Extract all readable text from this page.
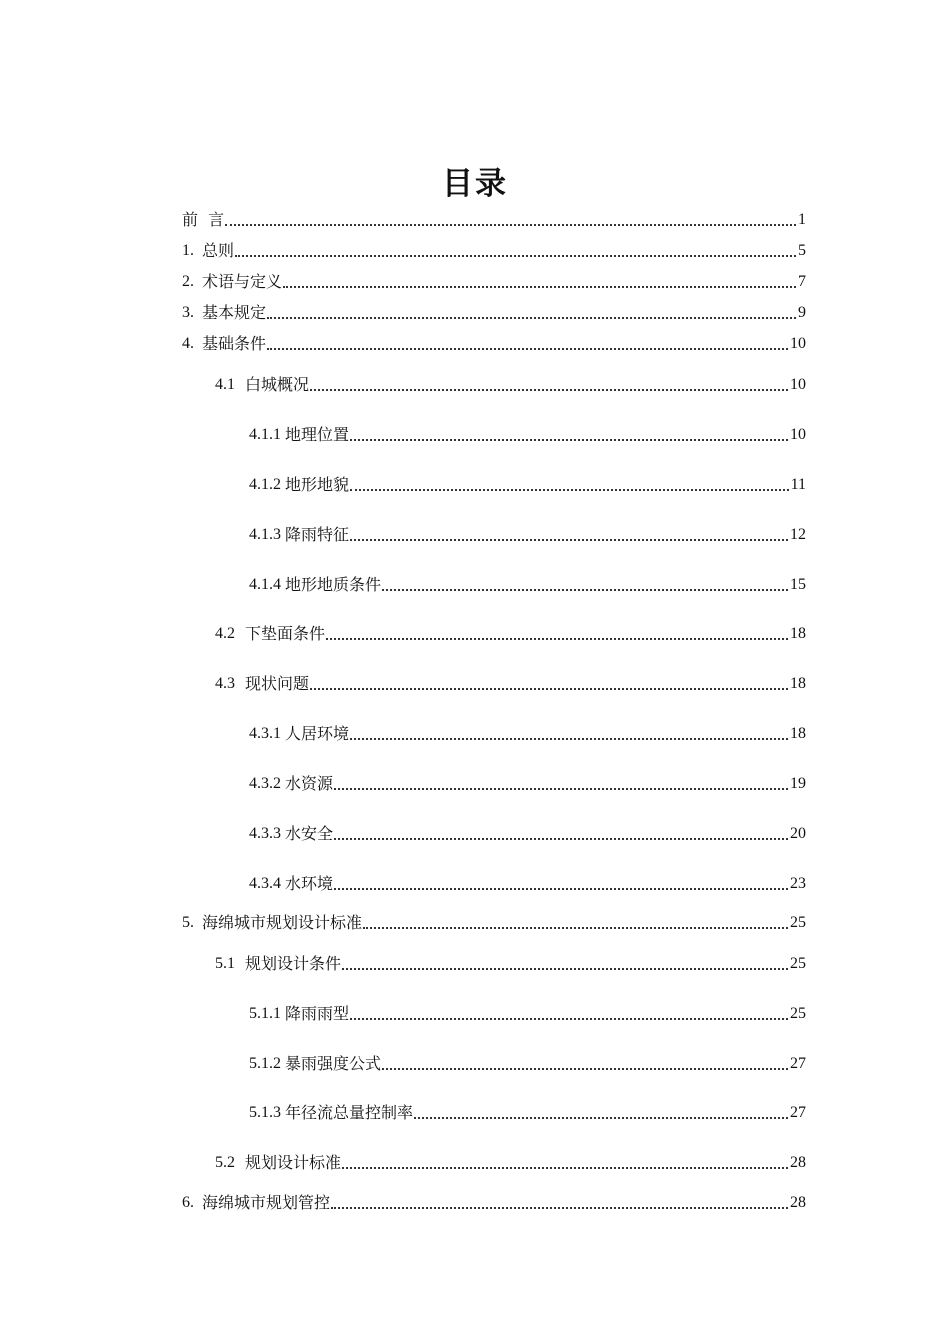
目录
前  言	1
1. 总则	5
2. 术语与定义	7
3. 基本规定	9
4. 基础条件	10
4.1 白城概况	10
4.1.1 地理位置	10
4.1.2 地形地貌	11
4.1.3 降雨特征	12
4.1.4 地形地质条件	15
4.2 下垫面条件	18
4.3 现状问题	18
4.3.1 人居环境	18
4.3.2 水资源	19
4.3.3 水安全	20
4.3.4 水环境	23
5. 海绵城市规划设计标准	25
5.1 规划设计条件	25
5.1.1 降雨雨型	25
5.1.2 暴雨强度公式	27
5.1.3 年径流总量控制率	27
5.2 规划设计标准	28
6. 海绵城市规划管控	28
